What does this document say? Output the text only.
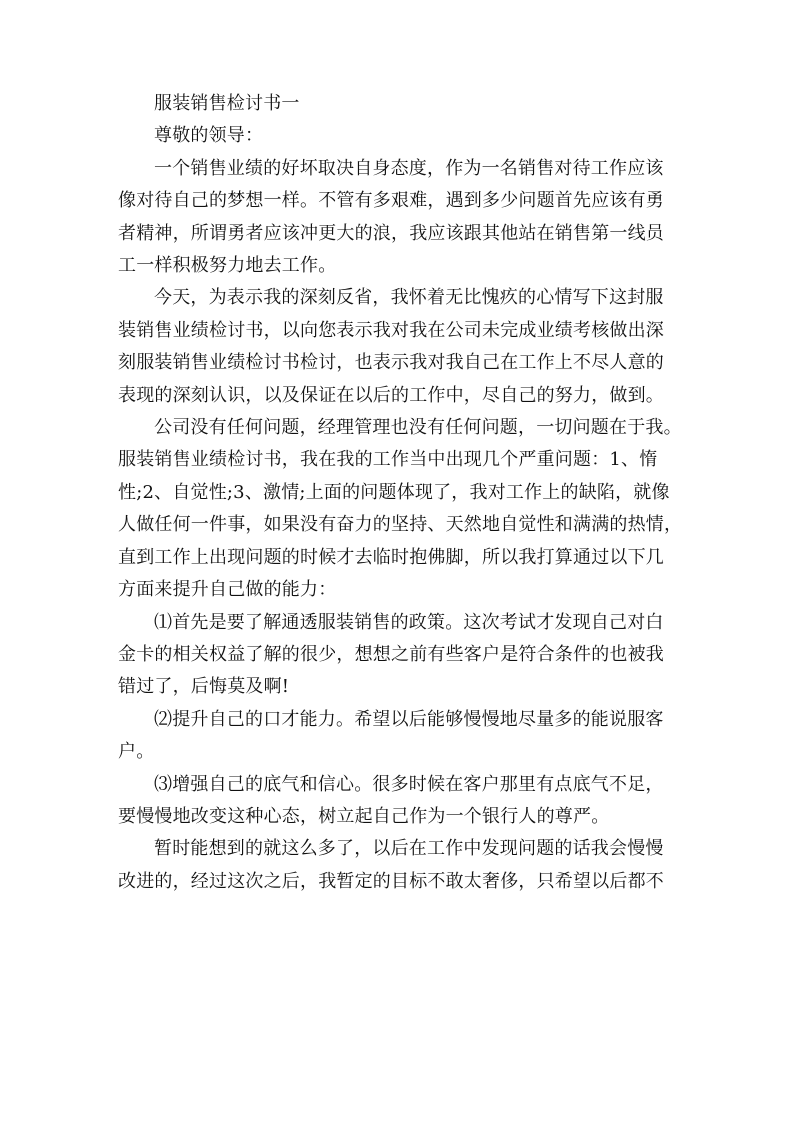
服装销售检讨书一

尊敬的领导：

一个销售业绩的好坏取决自身态度，作为一名销售对待工作应该

像对待自己的梦想一样。不管有多艰难，遇到多少问题首先应该有勇

者精神，所谓勇者应该冲更大的浪，我应该跟其他站在销售第一线员

工一样积极努力地去工作。

今天，为表示我的深刻反省，我怀着无比愧疚的心情写下这封服

装销售业绩检讨书，以向您表示我对我在公司未完成业绩考核做出深

刻服装销售业绩检讨书检讨，也表示我对我自己在工作上不尽人意的

表现的深刻认识，以及保证在以后的工作中，尽自己的努力，做到。

公司没有任何问题，经理管理也没有任何问题，一切问题在于我。

服装销售业绩检讨书，我在我的工作当中出现几个严重问题：1、惰

性;2、自觉性;3、激情;上面的问题体现了，我对工作上的缺陷，就像

人做任何一件事，如果没有奋力的坚持、天然地自觉性和满满的热情，

直到工作上出现问题的时候才去临时抱佛脚，所以我打算通过以下几

方面来提升自己做的能力：

⑴首先是要了解通透服装销售的政策。这次考试才发现自己对白

金卡的相关权益了解的很少，想想之前有些客户是符合条件的也被我

错过了，后悔莫及啊!

⑵提升自己的口才能力。希望以后能够慢慢地尽量多的能说服客

户。

⑶增强自己的底气和信心。很多时候在客户那里有点底气不足，

要慢慢地改变这种心态，树立起自己作为一个银行人的尊严。

暂时能想到的就这么多了，以后在工作中发现问题的话我会慢慢

改进的，经过这次之后，我暂定的目标不敢太奢侈，只希望以后都不
